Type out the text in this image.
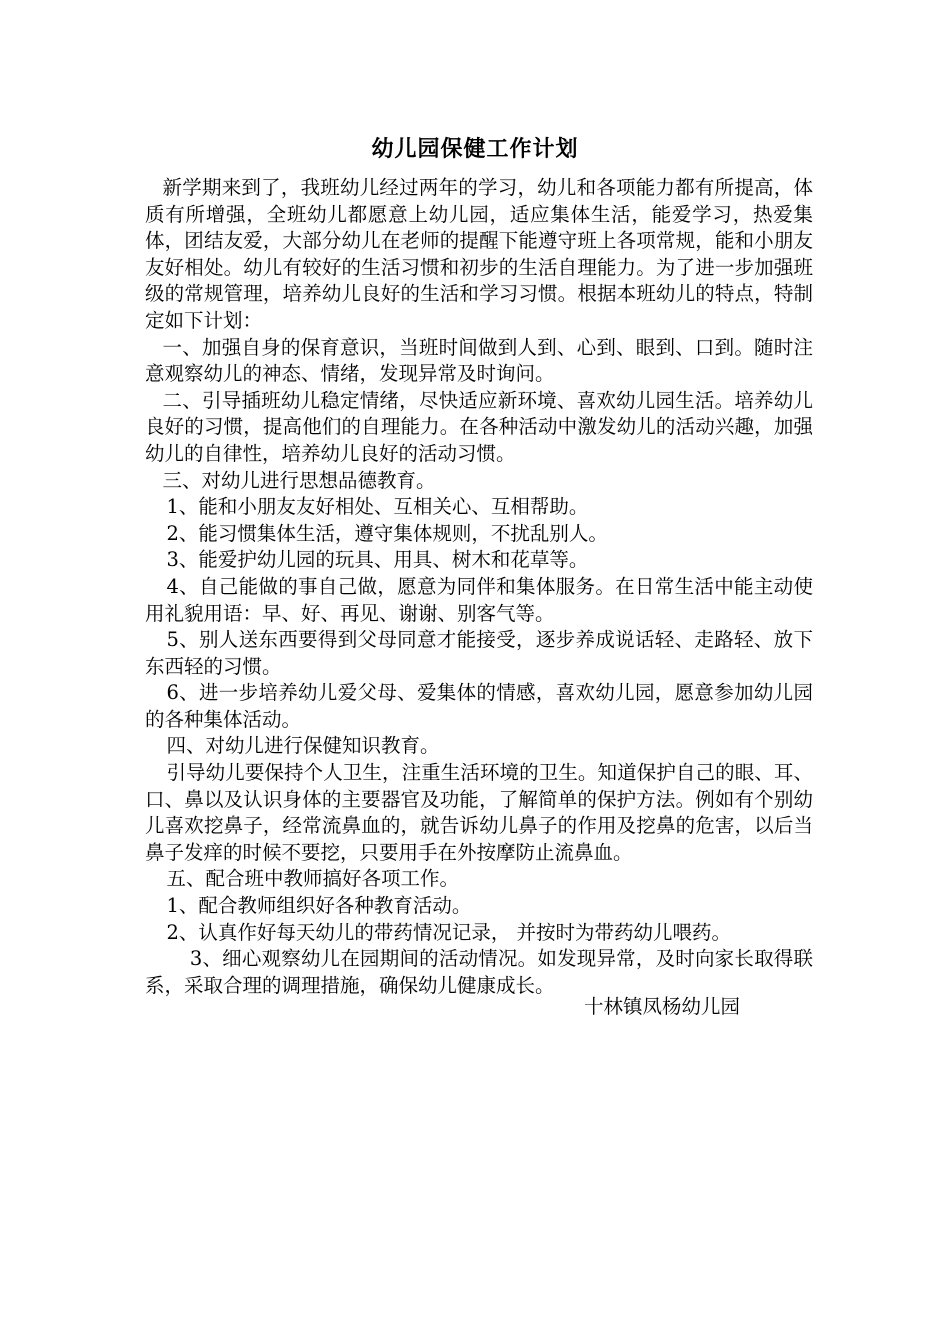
幼儿园保健工作计划

新学期来到了，我班幼儿经过两年的学习，幼儿和各项能力都有所提高，体质有所增强，全班幼儿都愿意上幼儿园，适应集体生活，能爱学习，热爱集体，团结友爱，大部分幼儿在老师的提醒下能遵守班上各项常规，能和小朋友友好相处。幼儿有较好的生活习惯和初步的生活自理能力。为了进一步加强班级的常规管理，培养幼儿良好的生活和学习习惯。根据本班幼儿的特点，特制定如下计划：

一、加强自身的保育意识，当班时间做到人到、心到、眼到、口到。随时注意观察幼儿的神态、情绪，发现异常及时询问。

二、引导插班幼儿稳定情绪，尽快适应新环境、喜欢幼儿园生活。培养幼儿良好的习惯，提高他们的自理能力。在各种活动中激发幼儿的活动兴趣，加强幼儿的自律性，培养幼儿良好的活动习惯。

三、对幼儿进行思想品德教育。

1、能和小朋友友好相处、互相关心、互相帮助。

2、能习惯集体生活，遵守集体规则，不扰乱别人。

3、能爱护幼儿园的玩具、用具、树木和花草等。

4、自己能做的事自己做，愿意为同伴和集体服务。在日常生活中能主动使用礼貌用语：早、好、再见、谢谢、别客气等。

5、别人送东西要得到父母同意才能接受，逐步养成说话轻、走路轻、放下东西轻的习惯。

6、进一步培养幼儿爱父母、爱集体的情感，喜欢幼儿园，愿意参加幼儿园的各种集体活动。

四、对幼儿进行保健知识教育。

引导幼儿要保持个人卫生，注重生活环境的卫生。知道保护自己的眼、耳、口、鼻以及认识身体的主要器官及功能，了解简单的保护方法。例如有个别幼儿喜欢挖鼻子，经常流鼻血的，就告诉幼儿鼻子的作用及挖鼻的危害，以后当鼻子发痒的时候不要挖，只要用手在外按摩防止流鼻血。

五、配合班中教师搞好各项工作。

1、配合教师组织好各种教育活动。

2、认真作好每天幼儿的带药情况记录， 并按时为带药幼儿喂药。

3、细心观察幼儿在园期间的活动情况。如发现异常，及时向家长取得联系，采取合理的调理措施，确保幼儿健康成长。

十林镇凤杨幼儿园
